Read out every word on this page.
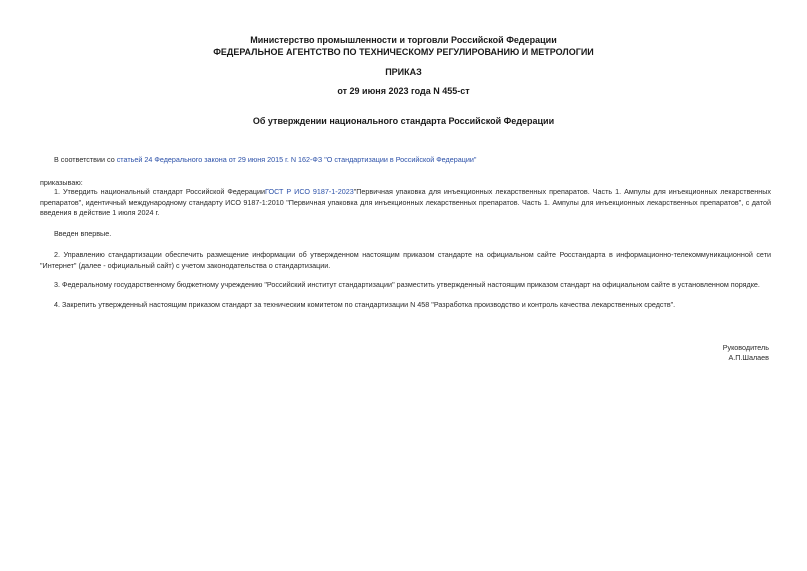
Министерство промышленности и торговли Российской Федерации
ФЕДЕРАЛЬНОЕ АГЕНТСТВО ПО ТЕХНИЧЕСКОМУ РЕГУЛИРОВАНИЮ И МЕТРОЛОГИИ
ПРИКАЗ
от 29 июня 2023 года N 455-ст
Об утверждении национального стандарта Российской Федерации
В соответствии со статьей 24 Федерального закона от 29 июня 2015 г. N 162-ФЗ "О стандартизации в Российской Федерации"
приказываю:
1. Утвердить национальный стандарт Российской ФедерацииГОСТ Р ИСО 9187-1-2023"Первичная упаковка для инъекционных лекарственных препаратов. Часть 1. Ампулы для инъекционных лекарственных препаратов", идентичный международному стандарту ИСО 9187-1:2010 "Первичная упаковка для инъекционных лекарственных препаратов. Часть 1. Ампулы для инъекционных лекарственных препаратов", с датой введения в действие 1 июля 2024 г.
Введен впервые.
2. Управлению стандартизации обеспечить размещение информации об утвержденном настоящим приказом стандарте на официальном сайте Росстандарта в информационно-телекоммуникационной сети "Интернет" (далее - официальный сайт) с учетом законодательства о стандартизации.
3. Федеральному государственному бюджетному учреждению "Российский институт стандартизации" разместить утвержденный настоящим приказом стандарт на официальном сайте в установленном порядке.
4. Закрепить утвержденный настоящим приказом стандарт за техническим комитетом по стандартизации N 458 "Разработка производство и контроль качества лекарственных средств".
Руководитель
А.П.Шалаев
